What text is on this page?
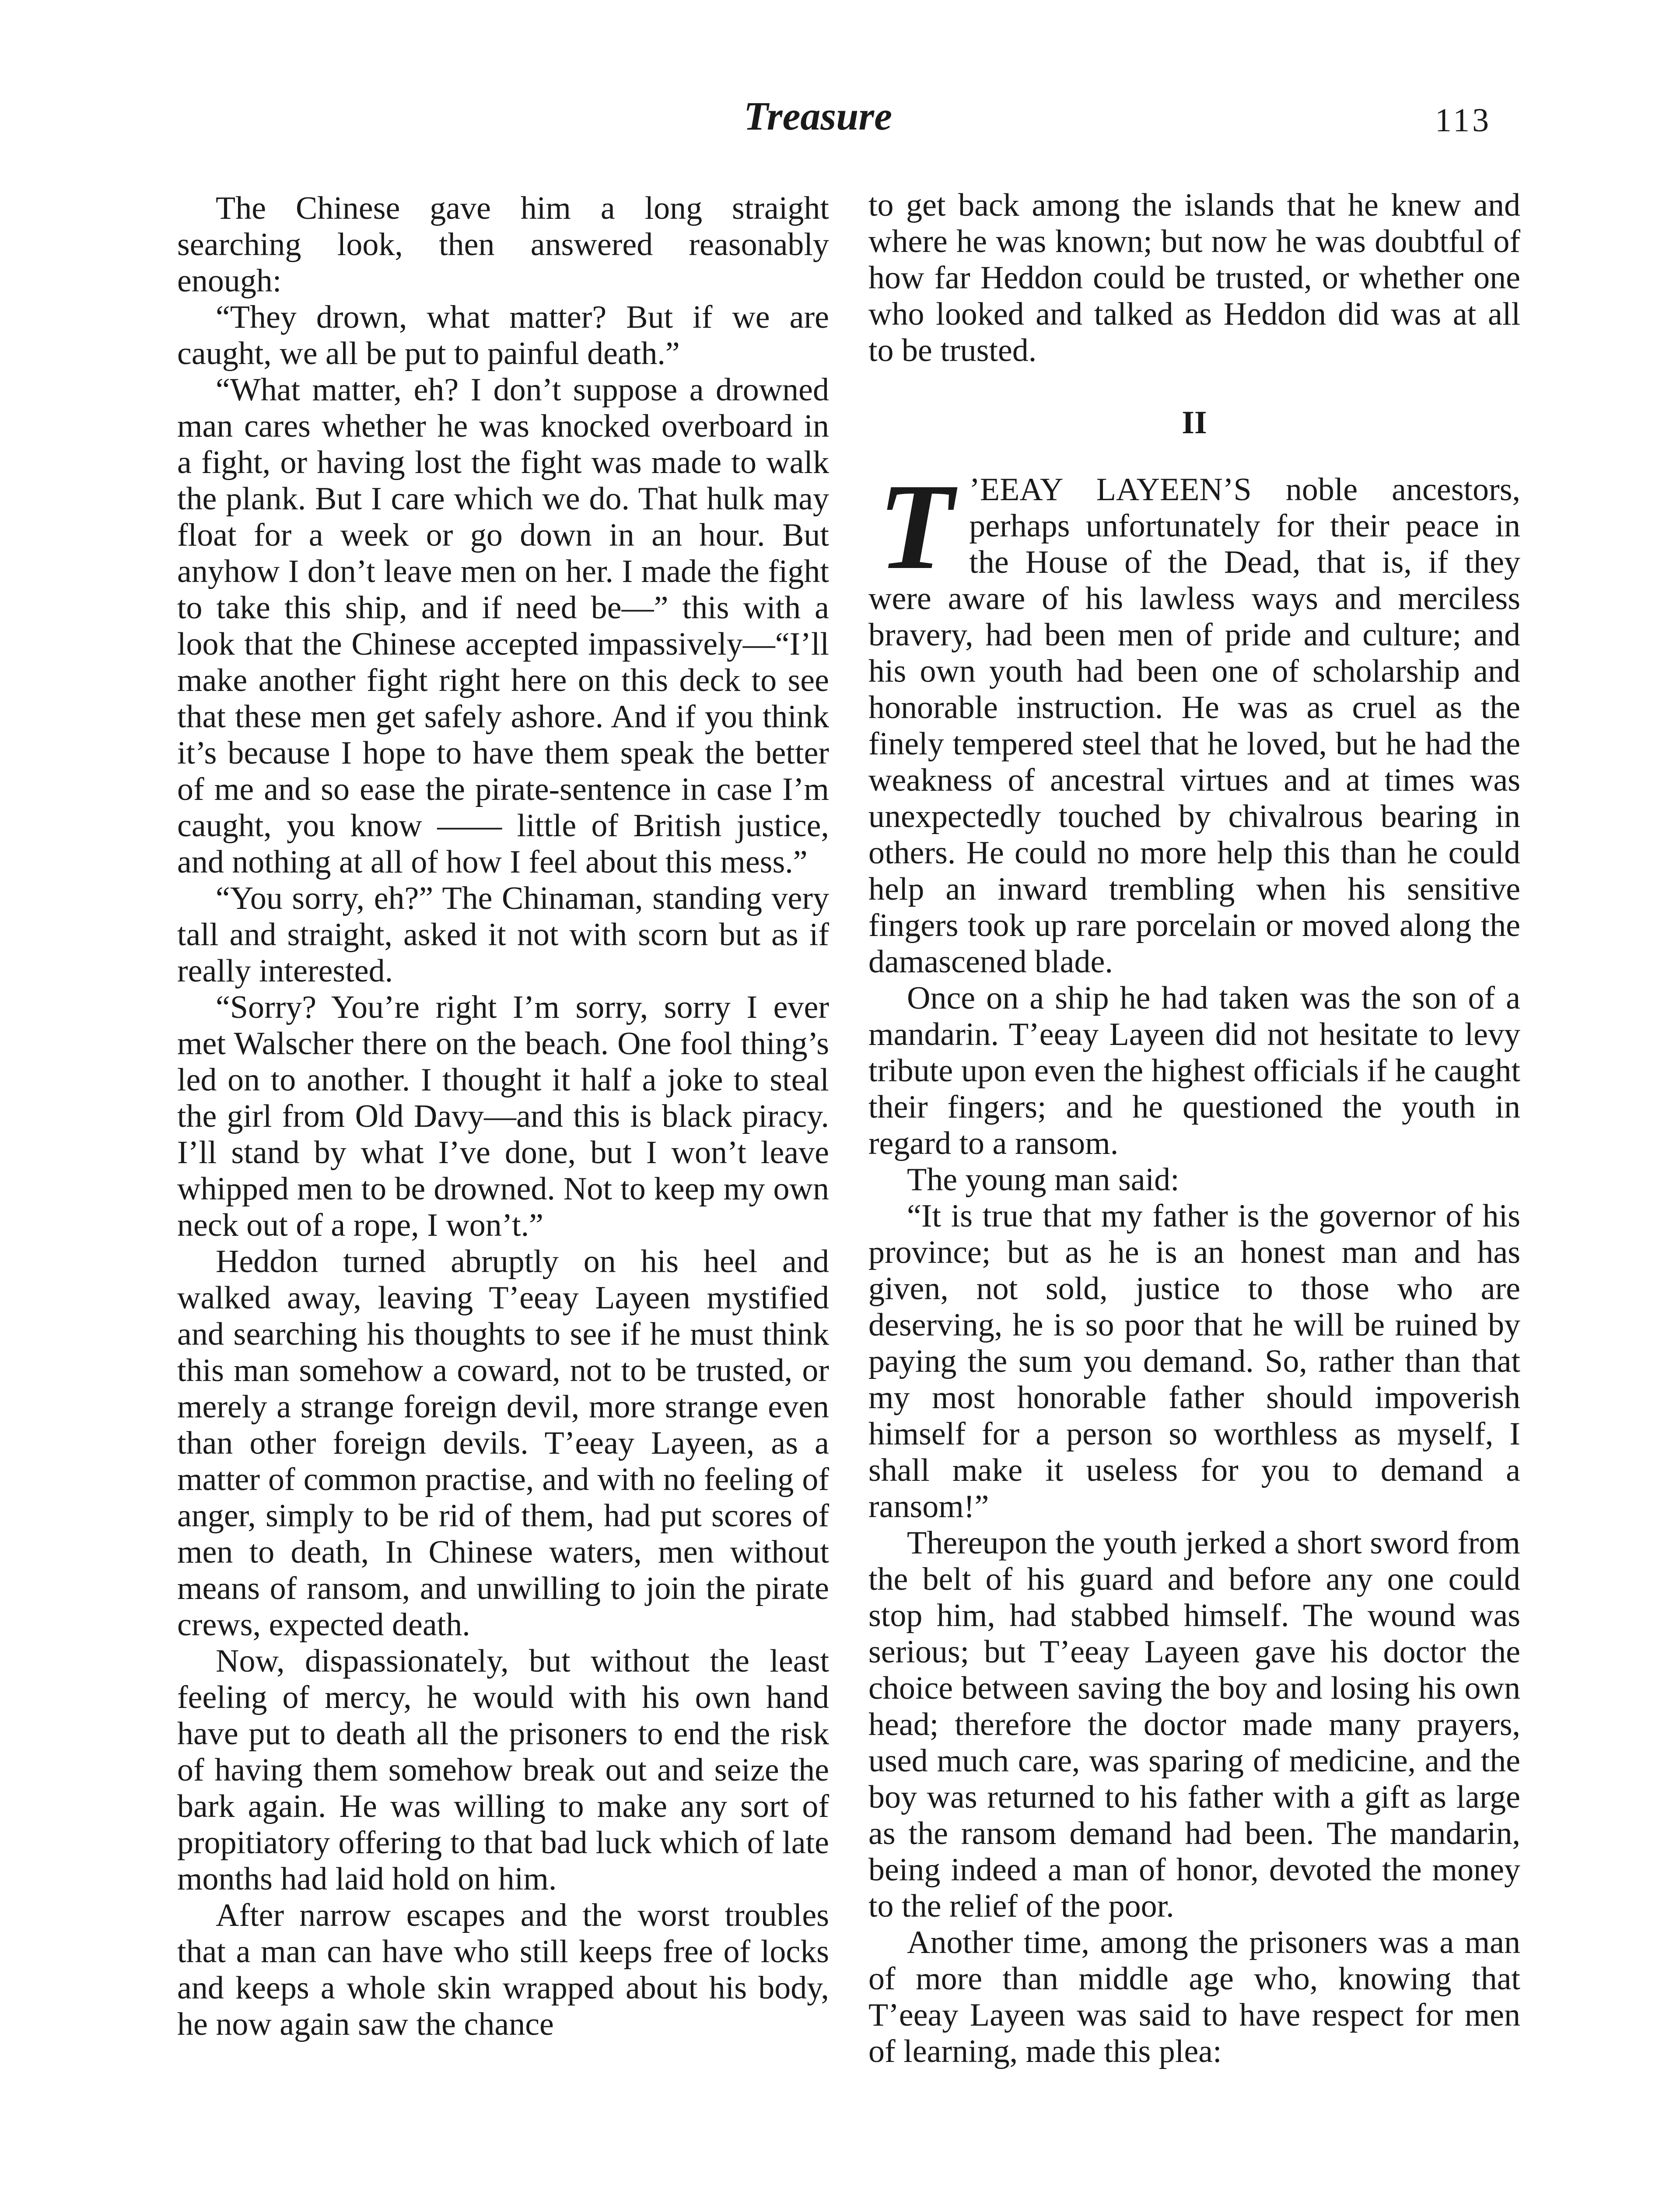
Treasure	113

The Chinese gave him a long straight searching look, then answered reasonably enough:

“They drown, what matter? But if we are caught, we all be put to painful death.”

“What matter, eh? I don’t suppose a drowned man cares whether he was knocked overboard in a fight, or having lost the fight was made to walk the plank. But I care which we do. That hulk may float for a week or go down in an hour. But anyhow I don’t leave men on her. I made the fight to take this ship, and if need be—” this with a look that the Chinese accepted impassively—“I’ll make another fight right here on this deck to see that these men get safely ashore. And if you think it’s because I hope to have them speak the better of me and so ease the pirate-sentence in case I’m caught, you know —— little of British justice, and nothing at all of how I feel about this mess.”

“You sorry, eh?” The Chinaman, standing very tall and straight, asked it not with scorn but as if really interested.

“Sorry? You’re right I’m sorry, sorry I ever met Walscher there on the beach. One fool thing’s led on to another. I thought it half a joke to steal the girl from Old Davy—and this is black piracy. I’ll stand by what I’ve done, but I won’t leave whipped men to be drowned. Not to keep my own neck out of a rope, I won’t.”

Heddon turned abruptly on his heel and walked away, leaving T’eeay Layeen mystified and searching his thoughts to see if he must think this man somehow a coward, not to be trusted, or merely a strange foreign devil, more strange even than other foreign devils. T’eeay Layeen, as a matter of common practise, and with no feeling of anger, simply to be rid of them, had put scores of men to death, In Chinese waters, men without means of ransom, and unwilling to join the pirate crews, expected death.

Now, dispassionately, but without the least feeling of mercy, he would with his own hand have put to death all the prisoners to end the risk of having them somehow break out and seize the bark again. He was willing to make any sort of propitiatory offering to that bad luck which of late months had laid hold on him.

After narrow escapes and the worst troubles that a man can have who still keeps free of locks and keeps a whole skin wrapped about his body, he now again saw the chance

to get back among the islands that he knew and where he was known; but now he was doubtful of how far Heddon could be trusted, or whether one who looked and talked as Heddon did was at all to be trusted.

II

T ’EEAY LAYEEN’S noble ancestors, perhaps unfortunately for their peace in the House of the Dead, that is, if they were aware of his lawless ways and merciless bravery, had been men of pride and culture; and his own youth had been one of scholarship and honorable instruction. He was as cruel as the finely tempered steel that he loved, but he had the weakness of ancestral virtues and at times was unexpectedly touched by chivalrous bearing in others. He could no more help this than he could help an inward trembling when his sensitive fingers took up rare porcelain or moved along the damascened blade.

Once on a ship he had taken was the son of a mandarin. T’eeay Layeen did not hesitate to levy tribute upon even the highest officials if he caught their fingers; and he questioned the youth in regard to a ransom.

The young man said:

“It is true that my father is the governor of his province; but as he is an honest man and has given, not sold, justice to those who are deserving, he is so poor that he will be ruined by paying the sum you demand. So, rather than that my most honorable father should impoverish himself for a person so worthless as myself, I shall make it useless for you to demand a ransom!”

Thereupon the youth jerked a short sword from the belt of his guard and before any one could stop him, had stabbed himself. The wound was serious; but T’eeay Layeen gave his doctor the choice between saving the boy and losing his own head; therefore the doctor made many prayers, used much care, was sparing of medicine, and the boy was returned to his father with a gift as large as the ransom demand had been. The mandarin, being indeed a man of honor, devoted the money to the relief of the poor.

Another time, among the prisoners was a man of more than middle age who, knowing that T’eeay Layeen was said to have respect for men of learning, made this plea:
